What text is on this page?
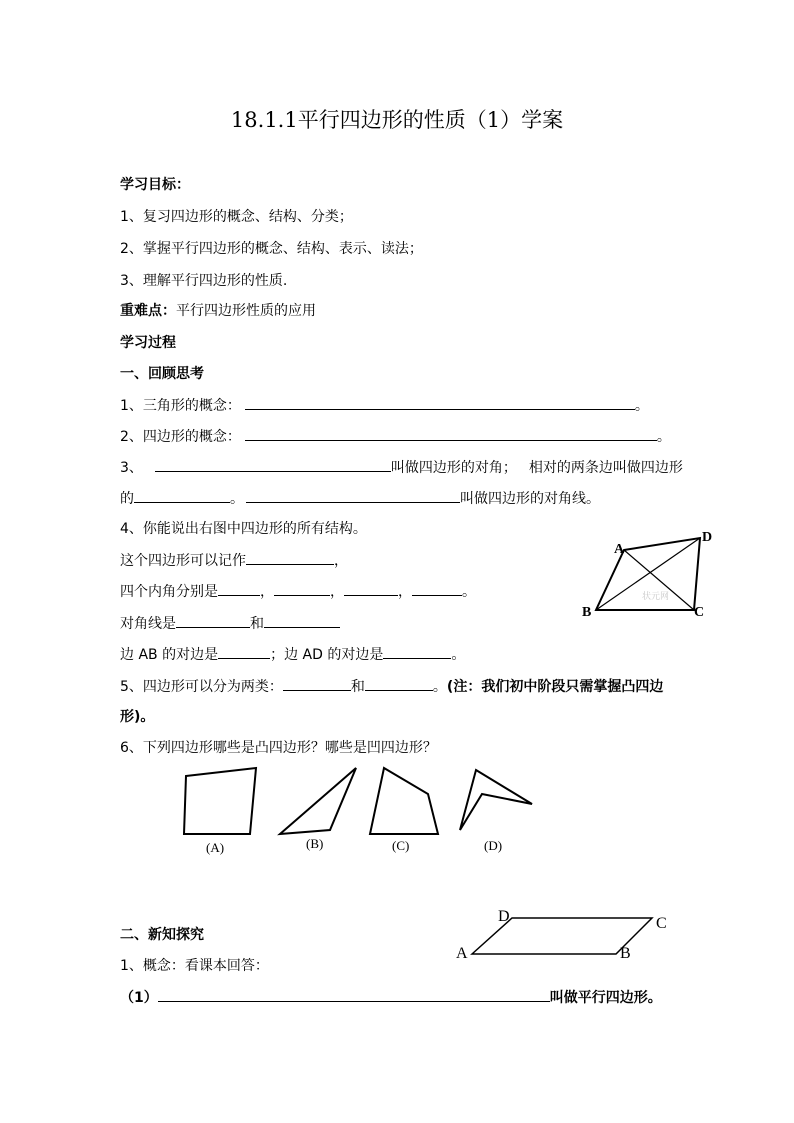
18.1.1平行四边形的性质（1）学案
学习目标：
1、复习四边形的概念、结构、分类；
2、掌握平行四边形的概念、结构、表示、读法；
3、理解平行四边形的性质.
重难点：平行四边形性质的应用
学习过程
一、回顾思考
1、三角形的概念：	。
2、四边形的概念：	。
3、	叫做四边形的对角； 相对的两条边叫做四边形
的	。	叫做四边形的对角线。
4、你能说出右图中四边形的所有结构。
这个四边形可以记作	，
四个内角分别是	，	，	，	。
对角线是	和
边 AB 的对边是	；边 AD 的对边是	。
5、四边形可以分为两类：	和	。(注：我们初中阶段只需掌握凸四边
形)。
6、下列四边形哪些是凸四边形？哪些是凹四边形？
状元网
A
B	C
D
(A)	(B)	(C)	(D)
二、新知探究
1、概念：看课本回答：
（1）	叫做平行四边形。
A	B
C
D
